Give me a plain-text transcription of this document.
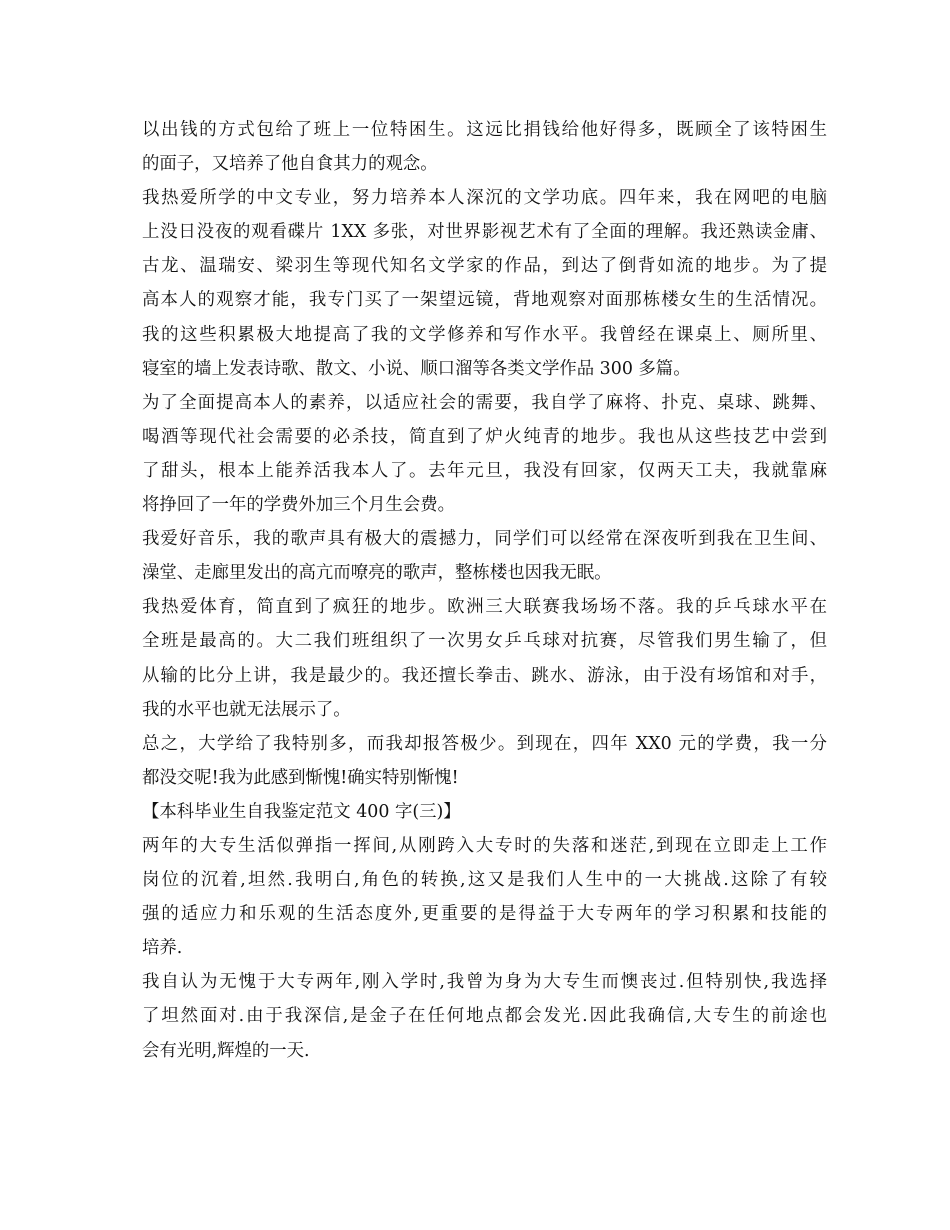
以出钱的方式包给了班上一位特困生。这远比捐钱给他好得多，既顾全了该特困生
的面子，又培养了他自食其力的观念。
我热爱所学的中文专业，努力培养本人深沉的文学功底。四年来，我在网吧的电脑
上没日没夜的观看碟片 1XX 多张，对世界影视艺术有了全面的理解。我还熟读金庸、
古龙、温瑞安、梁羽生等现代知名文学家的作品，到达了倒背如流的地步。为了提
高本人的观察才能，我专门买了一架望远镜，背地观察对面那栋楼女生的生活情况。
我的这些积累极大地提高了我的文学修养和写作水平。我曾经在课桌上、厕所里、
寝室的墙上发表诗歌、散文、小说、顺口溜等各类文学作品 300 多篇。
为了全面提高本人的素养，以适应社会的需要，我自学了麻将、扑克、桌球、跳舞、
喝酒等现代社会需要的必杀技，简直到了炉火纯青的地步。我也从这些技艺中尝到
了甜头，根本上能养活我本人了。去年元旦，我没有回家，仅两天工夫，我就靠麻
将挣回了一年的学费外加三个月生会费。
我爱好音乐，我的歌声具有极大的震撼力，同学们可以经常在深夜听到我在卫生间、
澡堂、走廊里发出的高亢而嘹亮的歌声，整栋楼也因我无眠。
我热爱体育，简直到了疯狂的地步。欧洲三大联赛我场场不落。我的乒乓球水平在
全班是最高的。大二我们班组织了一次男女乒乓球对抗赛，尽管我们男生输了，但
从输的比分上讲，我是最少的。我还擅长拳击、跳水、游泳，由于没有场馆和对手，
我的水平也就无法展示了。
总之，大学给了我特别多，而我却报答极少。到现在，四年 XX0 元的学费，我一分
都没交呢!我为此感到惭愧!确实特别惭愧!
【本科毕业生自我鉴定范文 400 字(三)】
两年的大专生活似弹指一挥间,从刚跨入大专时的失落和迷茫,到现在立即走上工作
岗位的沉着,坦然.我明白,角色的转换,这又是我们人生中的一大挑战.这除了有较
强的适应力和乐观的生活态度外,更重要的是得益于大专两年的学习积累和技能的
培养.
我自认为无愧于大专两年,刚入学时,我曾为身为大专生而懊丧过.但特别快,我选择
了坦然面对.由于我深信,是金子在任何地点都会发光.因此我确信,大专生的前途也
会有光明,辉煌的一天.
